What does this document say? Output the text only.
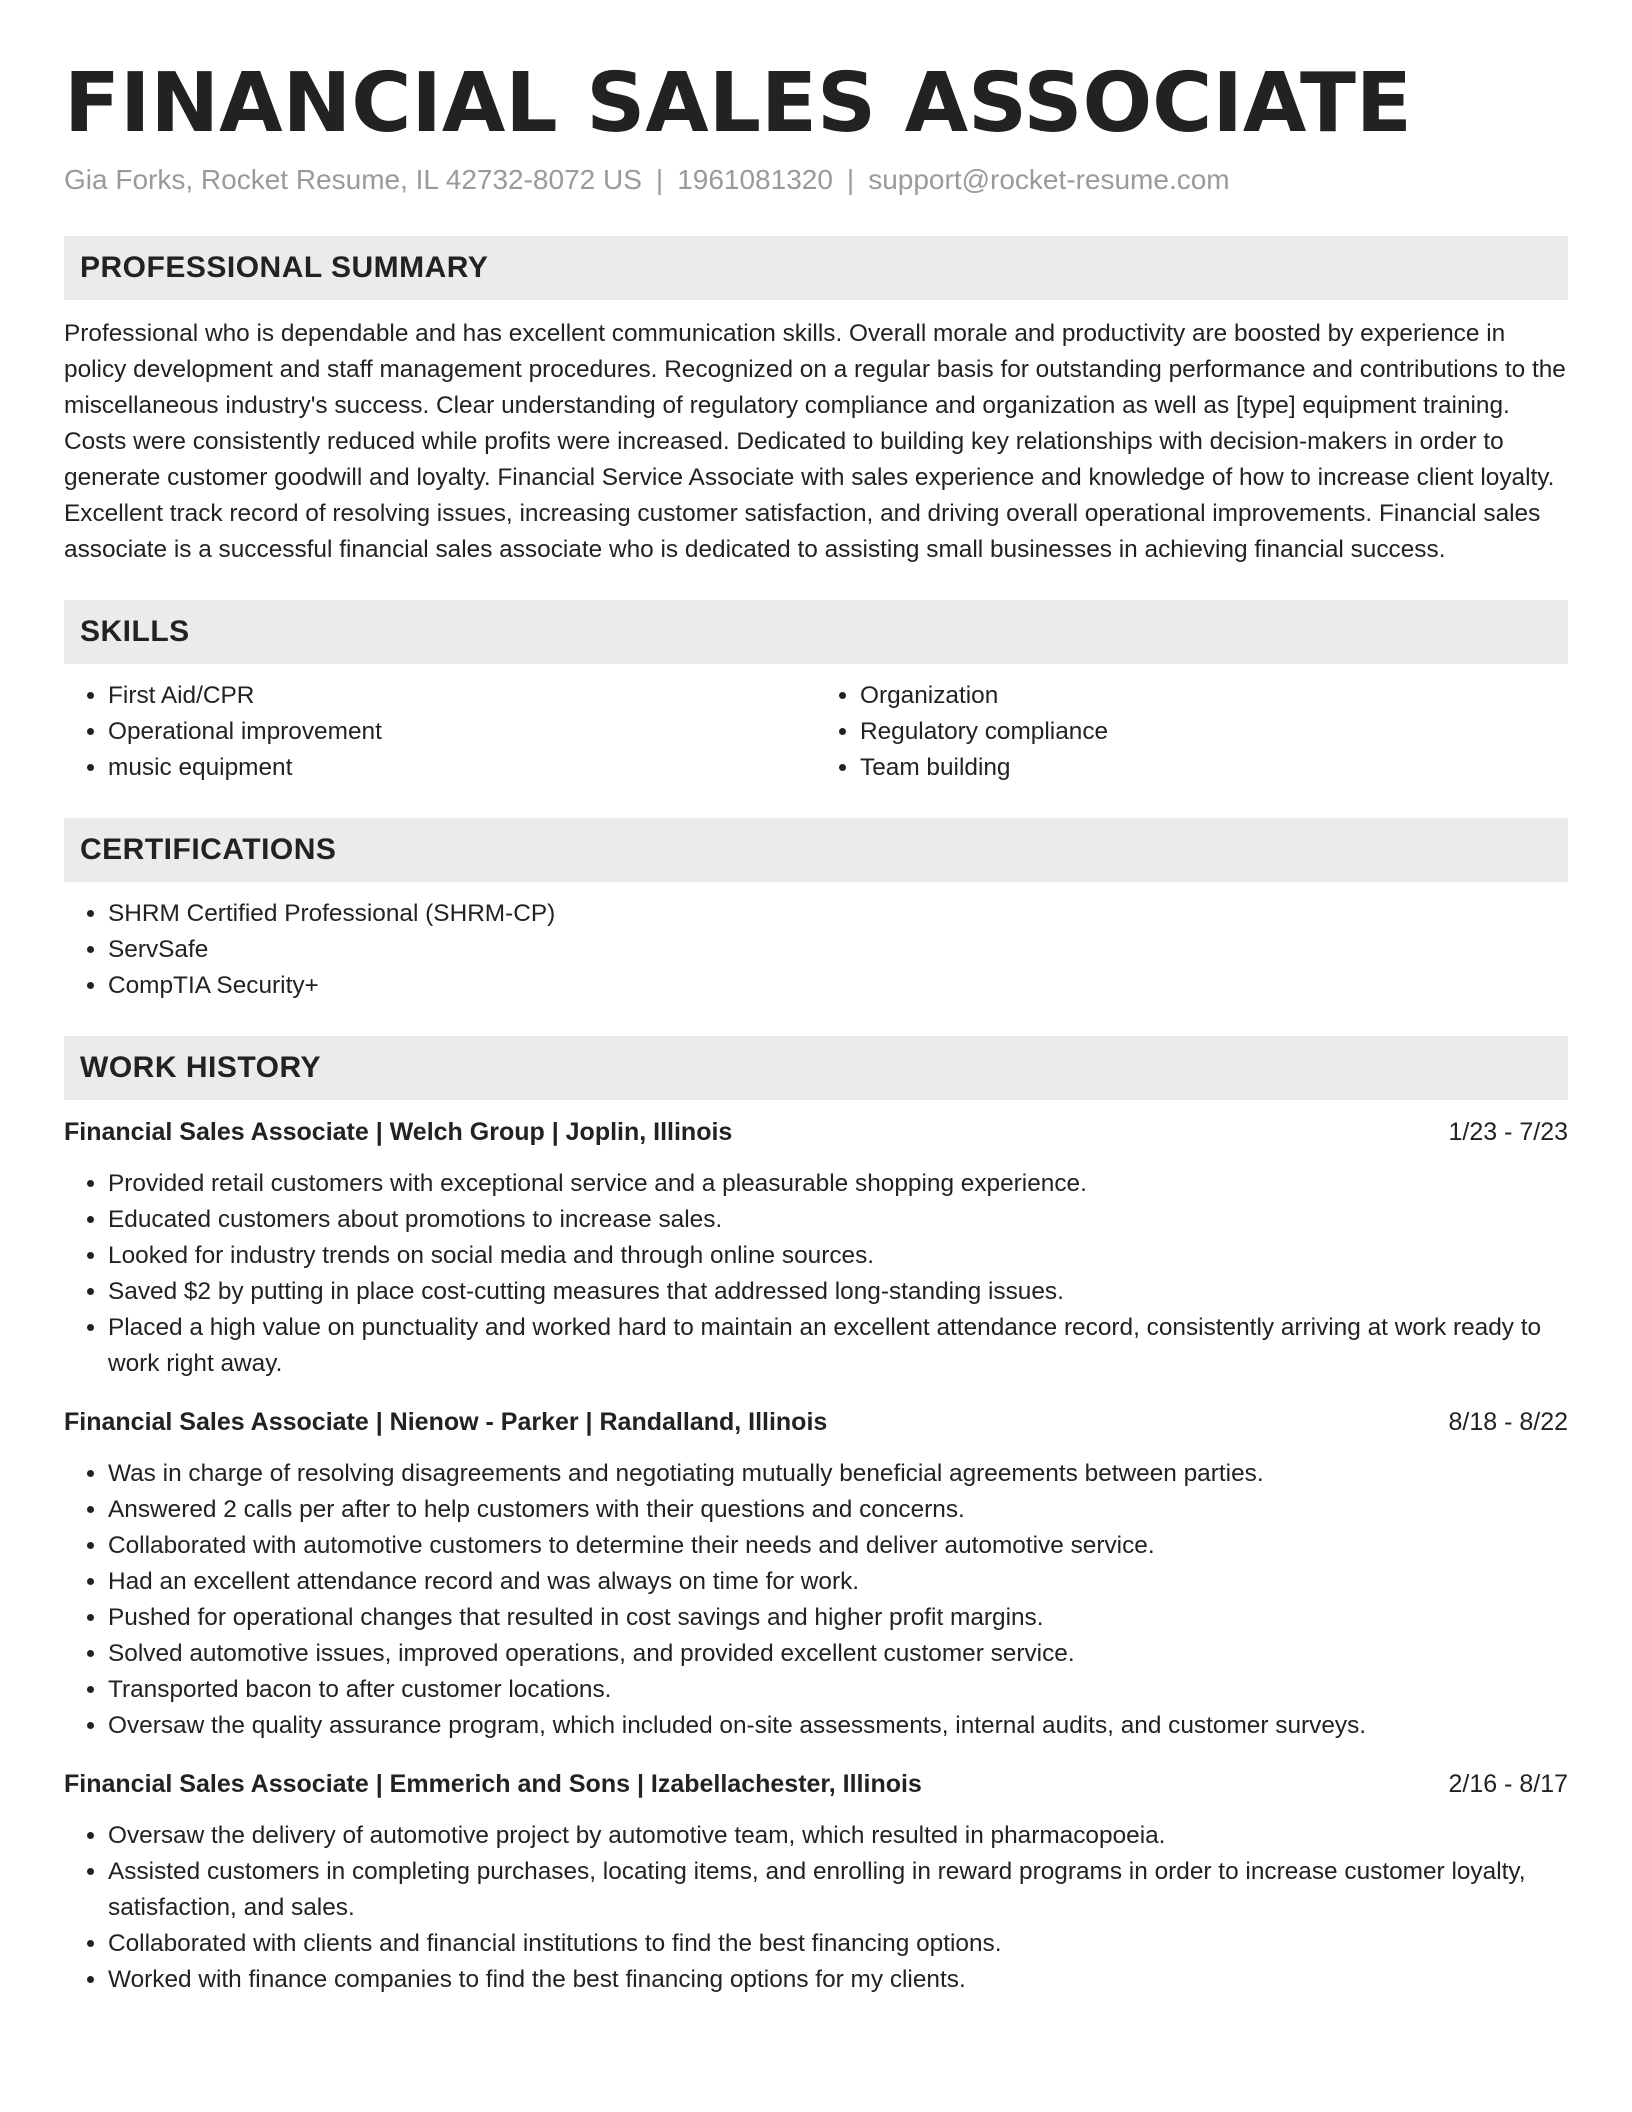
FINANCIAL SALES ASSOCIATE
Gia Forks, Rocket Resume, IL 42732-8072 US | 1961081320 | support@rocket-resume.com
PROFESSIONAL SUMMARY

Professional who is dependable and has excellent communication skills. Overall morale and productivity are boosted by experience in policy development and staff management procedures. Recognized on a regular basis for outstanding performance and contributions to the miscellaneous industry's success. Clear understanding of regulatory compliance and organization as well as [type] equipment training. Costs were consistently reduced while profits were increased. Dedicated to building key relationships with decision-makers in order to generate customer goodwill and loyalty. Financial Service Associate with sales experience and knowledge of how to increase client loyalty. Excellent track record of resolving issues, increasing customer satisfaction, and driving overall operational improvements. Financial sales associate is a successful financial sales associate who is dedicated to assisting small businesses in achieving financial success.

SKILLS
• First Aid/CPR
• Operational improvement
• music equipment
• Organization
• Regulatory compliance
• Team building
CERTIFICATIONS
• SHRM Certified Professional (SHRM-CP)
• ServSafe
• CompTIA Security+
WORK HISTORY
Financial Sales Associate | Welch Group | Joplin, Illinois	1/23 - 7/23
• Provided retail customers with exceptional service and a pleasurable shopping experience.
• Educated customers about promotions to increase sales.
• Looked for industry trends on social media and through online sources.
• Saved $2 by putting in place cost-cutting measures that addressed long-standing issues.
• Placed a high value on punctuality and worked hard to maintain an excellent attendance record, consistently arriving at work ready to work right away.
Financial Sales Associate | Nienow - Parker | Randalland, Illinois	8/18 - 8/22
• Was in charge of resolving disagreements and negotiating mutually beneficial agreements between parties.
• Answered 2 calls per after to help customers with their questions and concerns.
• Collaborated with automotive customers to determine their needs and deliver automotive service.
• Had an excellent attendance record and was always on time for work.
• Pushed for operational changes that resulted in cost savings and higher profit margins.
• Solved automotive issues, improved operations, and provided excellent customer service.
• Transported bacon to after customer locations.
• Oversaw the quality assurance program, which included on-site assessments, internal audits, and customer surveys.
Financial Sales Associate | Emmerich and Sons | Izabellachester, Illinois	2/16 - 8/17
• Oversaw the delivery of automotive project by automotive team, which resulted in pharmacopoeia.
• Assisted customers in completing purchases, locating items, and enrolling in reward programs in order to increase customer loyalty, satisfaction, and sales.
• Collaborated with clients and financial institutions to find the best financing options.
• Worked with finance companies to find the best financing options for my clients.
